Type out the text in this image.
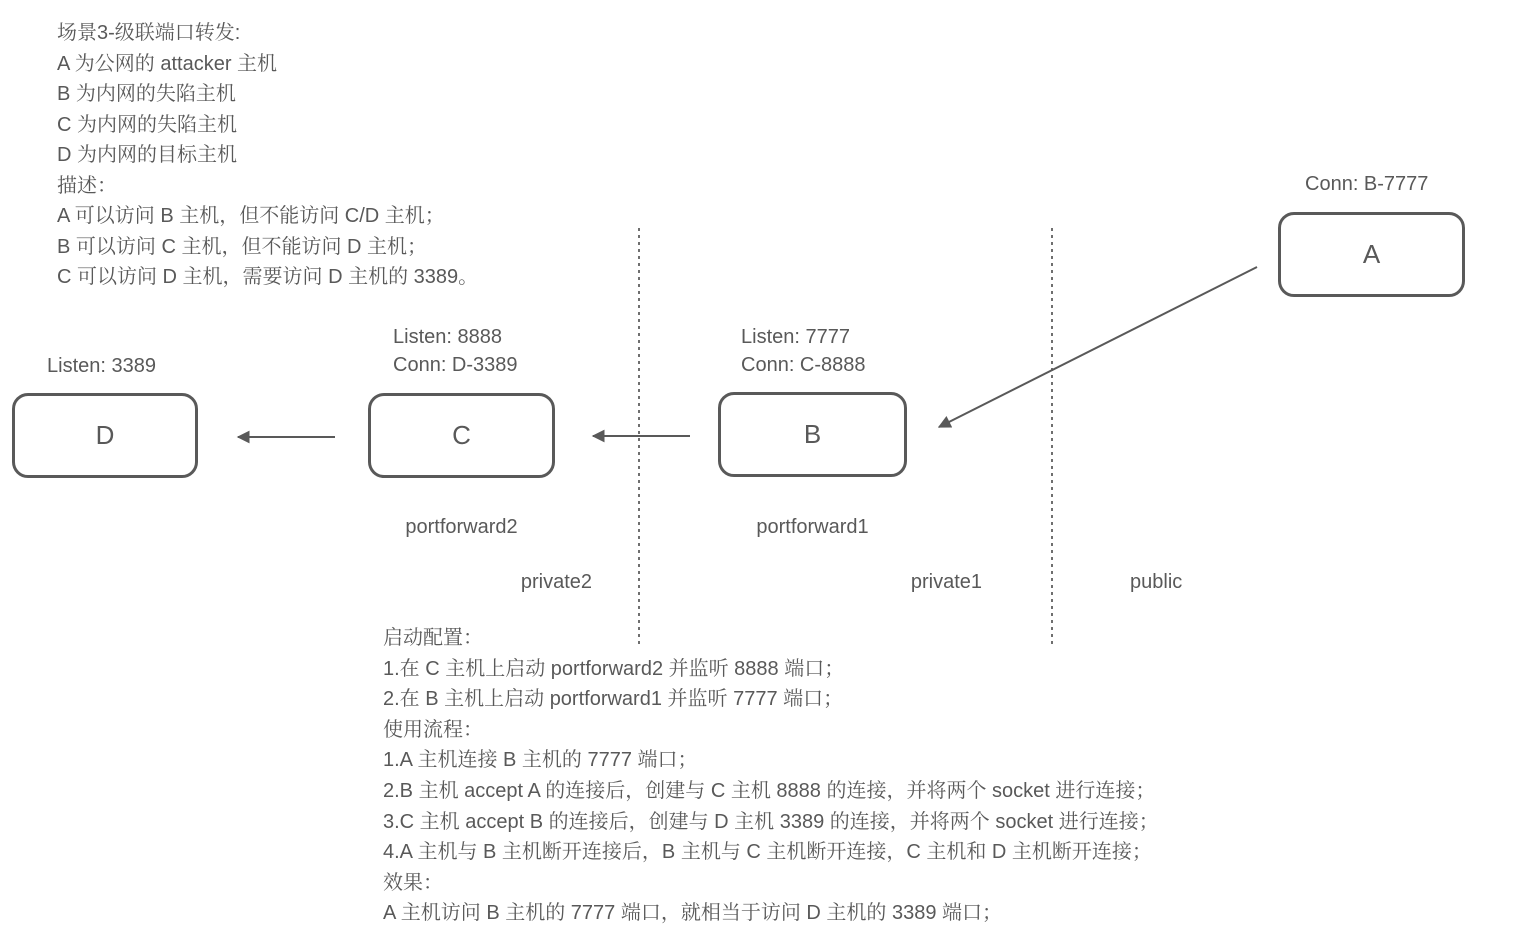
场景3-级联端口转发:
A 为公网的 attacker 主机
B 为内网的失陷主机
C 为内网的失陷主机
D 为内网的目标主机
描述：
A 可以访问 B 主机，但不能访问 C/D 主机；
B 可以访问 C 主机，但不能访问 D 主机；
C 可以访问 D 主机，需要访问 D 主机的 3389。
D	C	B
A
Listen: 3389
Listen: 8888
Conn: D-3389
Listen: 7777
Conn: C-8888
Conn: B-7777
portforward2	portforward1
private2	private1	public
启动配置：
1.在 C 主机上启动 portforward2 并监听 8888 端口；
2.在 B 主机上启动 portforward1 并监听 7777 端口；
使用流程：
1.A 主机连接 B 主机的 7777 端口；
2.B 主机 accept A 的连接后，创建与 C 主机 8888 的连接，并将两个 socket 进行连接；
3.C 主机 accept B 的连接后，创建与 D 主机 3389 的连接，并将两个 socket 进行连接；
4.A 主机与 B 主机断开连接后，B 主机与 C 主机断开连接，C 主机和 D 主机断开连接；
效果：
A 主机访问 B 主机的 7777 端口，就相当于访问 D 主机的 3389 端口；
